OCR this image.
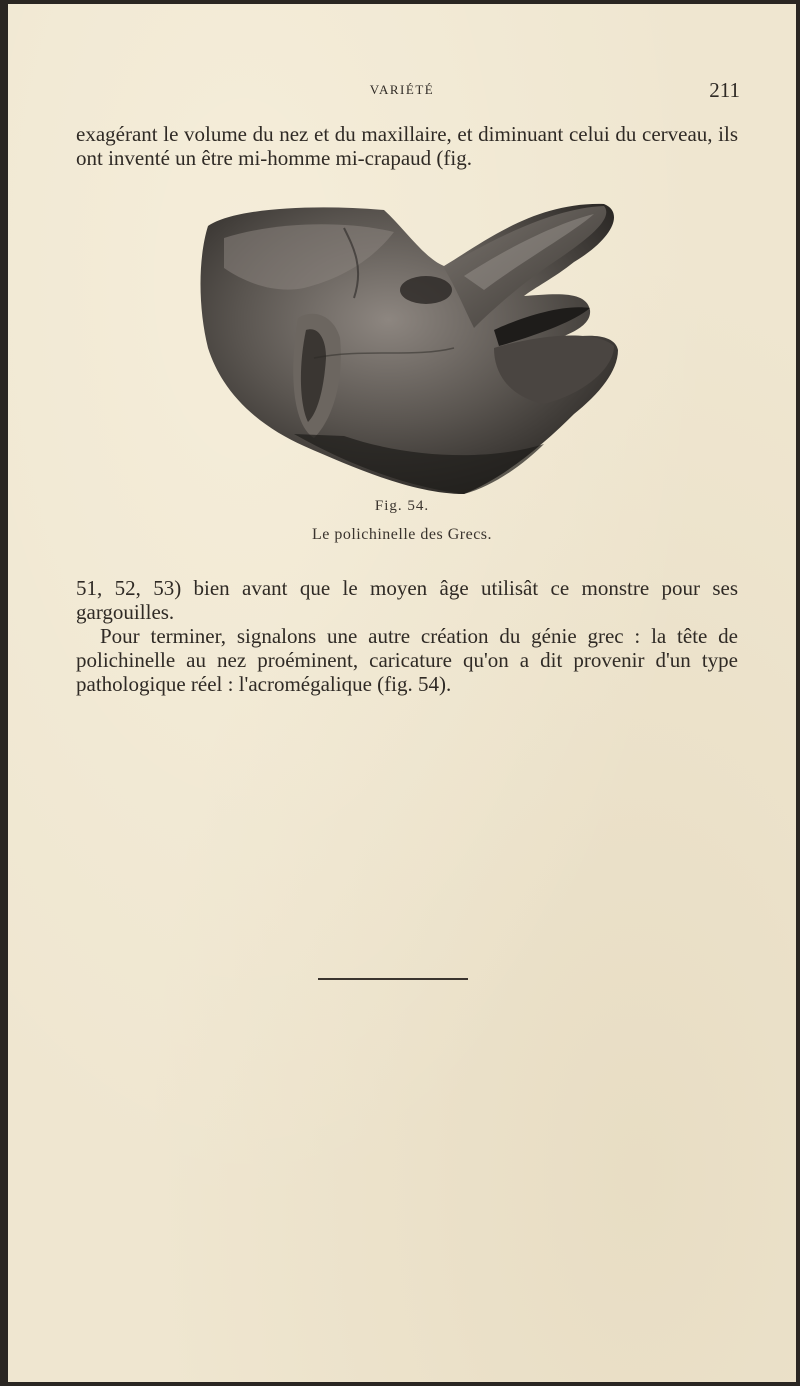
VARIÉTÉ	211

exagérant le volume du nez et du maxillaire, et diminuant celui du cerveau, ils ont inventé un être mi-homme mi-crapaud (fig.

Fig. 54.
Le polichinelle des Grecs.

51, 52, 53) bien avant que le moyen âge utilisât ce monstre pour ses gargouilles.

Pour terminer, signalons une autre création du génie grec : la tête de polichinelle au nez proéminent, caricature qu'on a dit provenir d'un type pathologique réel : l'acromégalique (fig. 54).
